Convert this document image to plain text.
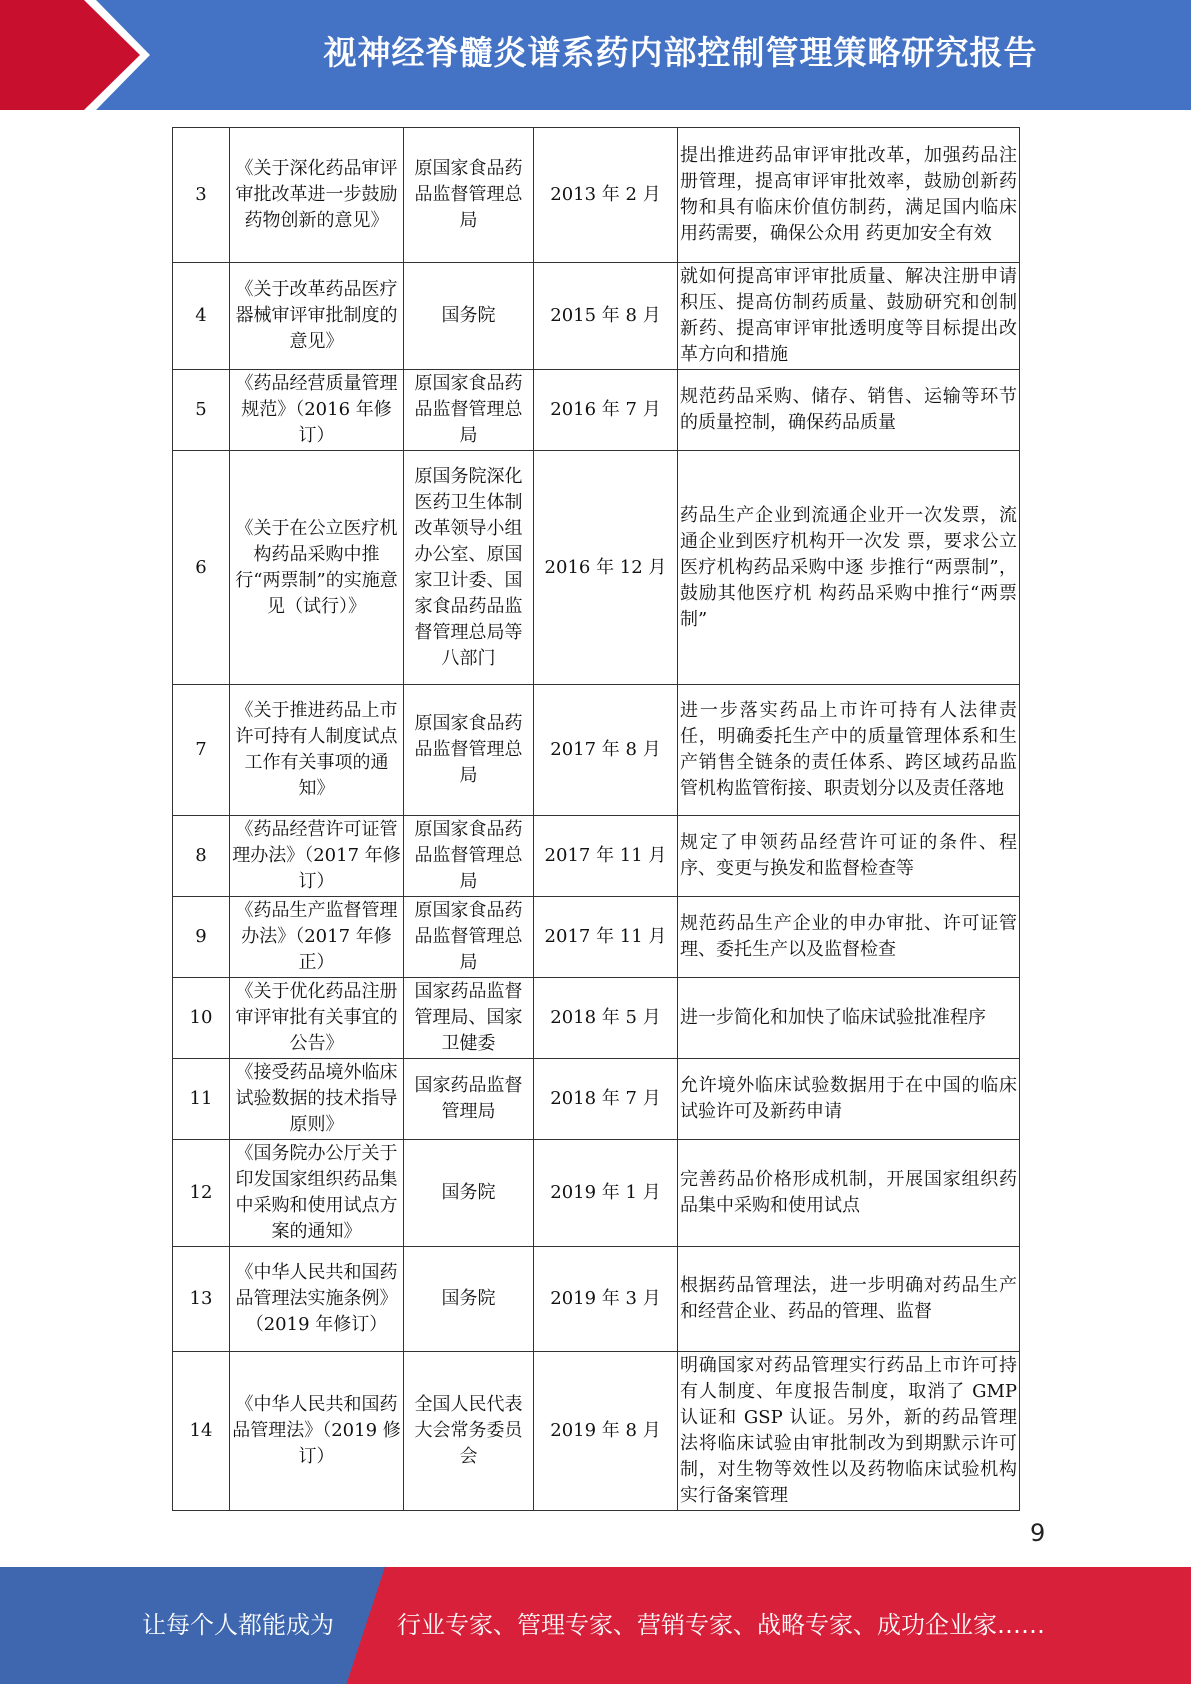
视神经脊髓炎谱系药内部控制管理策略研究报告
3	《关于深化药品审评审批改革进一步鼓励药物创新的意见》	原国家食品药品监督管理总局	2013 年 2 月	提出推进药品审评审批改革，加强药品注册管理，提高审评审批效率，鼓励创新药物和具有临床价值仿制药，满足国内临床用药需要，确保公众用 药更加安全有效
4	《关于改革药品医疗器械审评审批制度的意见》	国务院	2015 年 8 月	就如何提高审评审批质量、解决注册申请积压、提高仿制药质量、鼓励研究和创制新药、提高审评审批透明度等目标提出改革方向和措施
5	《药品经营质量管理规范》（2016 年修订）	原国家食品药品监督管理总局	2016 年 7 月	规范药品采购、储存、销售、运输等环节的质量控制，确保药品质量
6	《关于在公立医疗机构药品采购中推行“两票制”的实施意见（试行）》	原国务院深化医药卫生体制改革领导小组办公室、原国家卫计委、国家食品药品监督管理总局等八部门	2016 年 12 月	药品生产企业到流通企业开一次发票，流通企业到医疗机构开一次发 票，要求公立医疗机构药品采购中逐 步推行“两票制”，鼓励其他医疗机 构药品采购中推行“两票制”
7	《关于推进药品上市许可持有人制度试点工作有关事项的通知》	原国家食品药品监督管理总局	2017 年 8 月	进一步落实药品上市许可持有人法律责任，明确委托生产中的质量管理体系和生产销售全链条的责任体系、跨区域药品监管机构监管衔接、职责划分以及责任落地
8	《药品经营许可证管理办法》（2017 年修订）	原国家食品药品监督管理总局	2017 年 11 月	规定了申领药品经营许可证的条件、程序、变更与换发和监督检查等
9	《药品生产监督管理办法》（2017 年修正）	原国家食品药品监督管理总局	2017 年 11 月	规范药品生产企业的申办审批、许可证管理、委托生产以及监督检查
10	《关于优化药品注册审评审批有关事宜的公告》	国家药品监督管理局、国家卫健委	2018 年 5 月	进一步简化和加快了临床试验批准程序
11	《接受药品境外临床试验数据的技术指导原则》	国家药品监督管理局	2018 年 7 月	允许境外临床试验数据用于在中国的临床试验许可及新药申请
12	《国务院办公厅关于印发国家组织药品集中采购和使用试点方案的通知》	国务院	2019 年 1 月	完善药品价格形成机制，开展国家组织药品集中采购和使用试点
13	《中华人民共和国药品管理法实施条例》（2019 年修订）	国务院	2019 年 3 月	根据药品管理法，进一步明确对药品生产和经营企业、药品的管理、监督
14	《中华人民共和国药品管理法》（2019 修订）	全国人民代表大会常务委员会	2019 年 8 月	明确国家对药品管理实行药品上市许可持有人制度、年度报告制度，取消了 GMP 认证和 GSP 认证。另外，新的药品管理法将临床试验由审批制改为到期默示许可制，对生物等效性以及药物临床试验机构实行备案管理
9
让每个人都能成为	行业专家、管理专家、营销专家、战略专家、成功企业家……
